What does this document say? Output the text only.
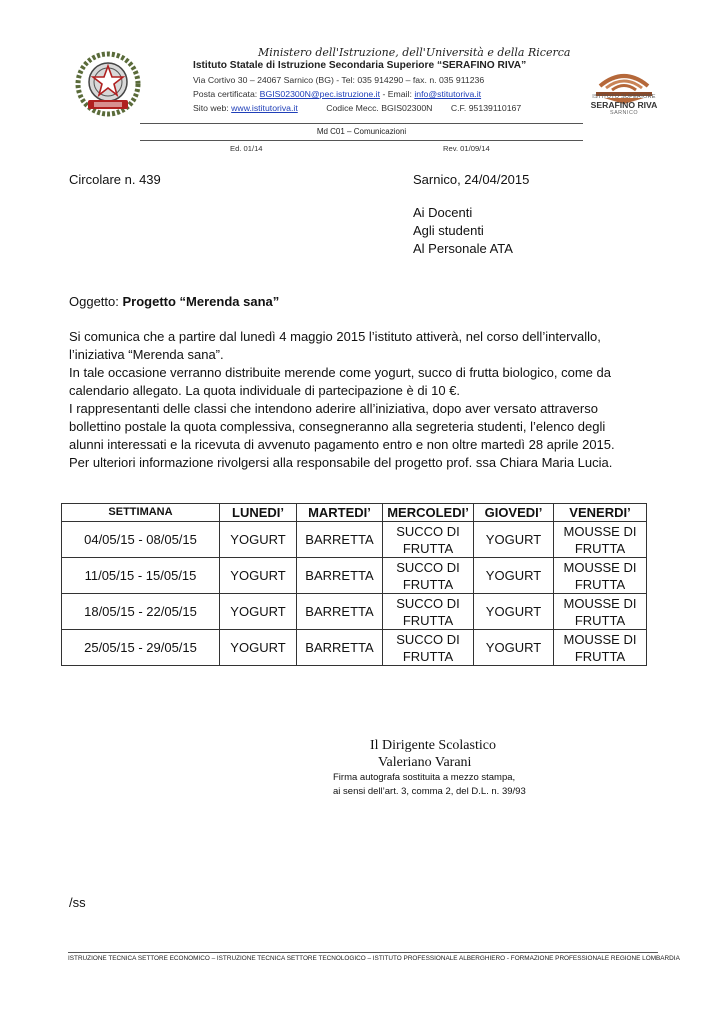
Ministero dell'Istruzione, dell'Università e della Ricerca
Istituto Statale di Istruzione Secondaria Superiore “SERAFINO RIVA”
Via Cortivo 30 – 24067 Sarnico (BG) - Tel: 035 914290 – fax. n. 035 911236
Posta certificata: BGIS02300N@pec.istruzione.it - Email: info@stitutoriva.it
Sito web: www.istitutoriva.it	Codice Mecc. BGIS02300N C.F. 95139110167
ISTITUTO SUPERIORE
SERAFINO RIVA
SARNICO
Md C01 – Comunicazioni
Ed. 01/14	Rev. 01/09/14
Circolare n. 439	Sarnico, 24/04/2015
Ai Docenti
Agli studenti
Al Personale ATA
Oggetto: Progetto “Merenda sana”
Si comunica che a partire dal lunedì 4 maggio 2015 l’istituto attiverà, nel corso dell’intervallo,
l’iniziativa “Merenda sana”.
In tale occasione verranno distribuite merende come yogurt, succo di frutta biologico, come da
calendario allegato. La quota individuale di partecipazione è di 10 €.
I rappresentanti delle classi che intendono aderire all’iniziativa, dopo aver versato attraverso
bollettino postale la quota complessiva, consegneranno alla segreteria studenti, l’elenco degli
alunni interessati e la ricevuta di avvenuto pagamento entro e non oltre martedì 28 aprile 2015.
Per ulteriori informazione rivolgersi alla responsabile del progetto prof. ssa Chiara Maria Lucia.
SETTIMANA	LUNEDI’	MARTEDI’	MERCOLEDI’	GIOVEDI’	VENERDI’
04/05/15 - 08/05/15	YOGURT	BARRETTA	SUCCO DI FRUTTA	YOGURT	MOUSSE DI FRUTTA
11/05/15 - 15/05/15	YOGURT	BARRETTA	SUCCO DI FRUTTA	YOGURT	MOUSSE DI FRUTTA
18/05/15 - 22/05/15	YOGURT	BARRETTA	SUCCO DI FRUTTA	YOGURT	MOUSSE DI FRUTTA
25/05/15 - 29/05/15	YOGURT	BARRETTA	SUCCO DI FRUTTA	YOGURT	MOUSSE DI FRUTTA
Il Dirigente Scolastico
Valeriano Varani
Firma autografa sostituita a mezzo stampa,
ai sensi dell’art. 3, comma 2, del D.L. n. 39/93
/ss
ISTRUZIONE TECNICA SETTORE ECONOMICO – ISTRUZIONE TECNICA SETTORE TECNOLOGICO – ISTITUTO PROFESSIONALE ALBERGHIERO - FORMAZIONE PROFESSIONALE REGIONE LOMBARDIA
